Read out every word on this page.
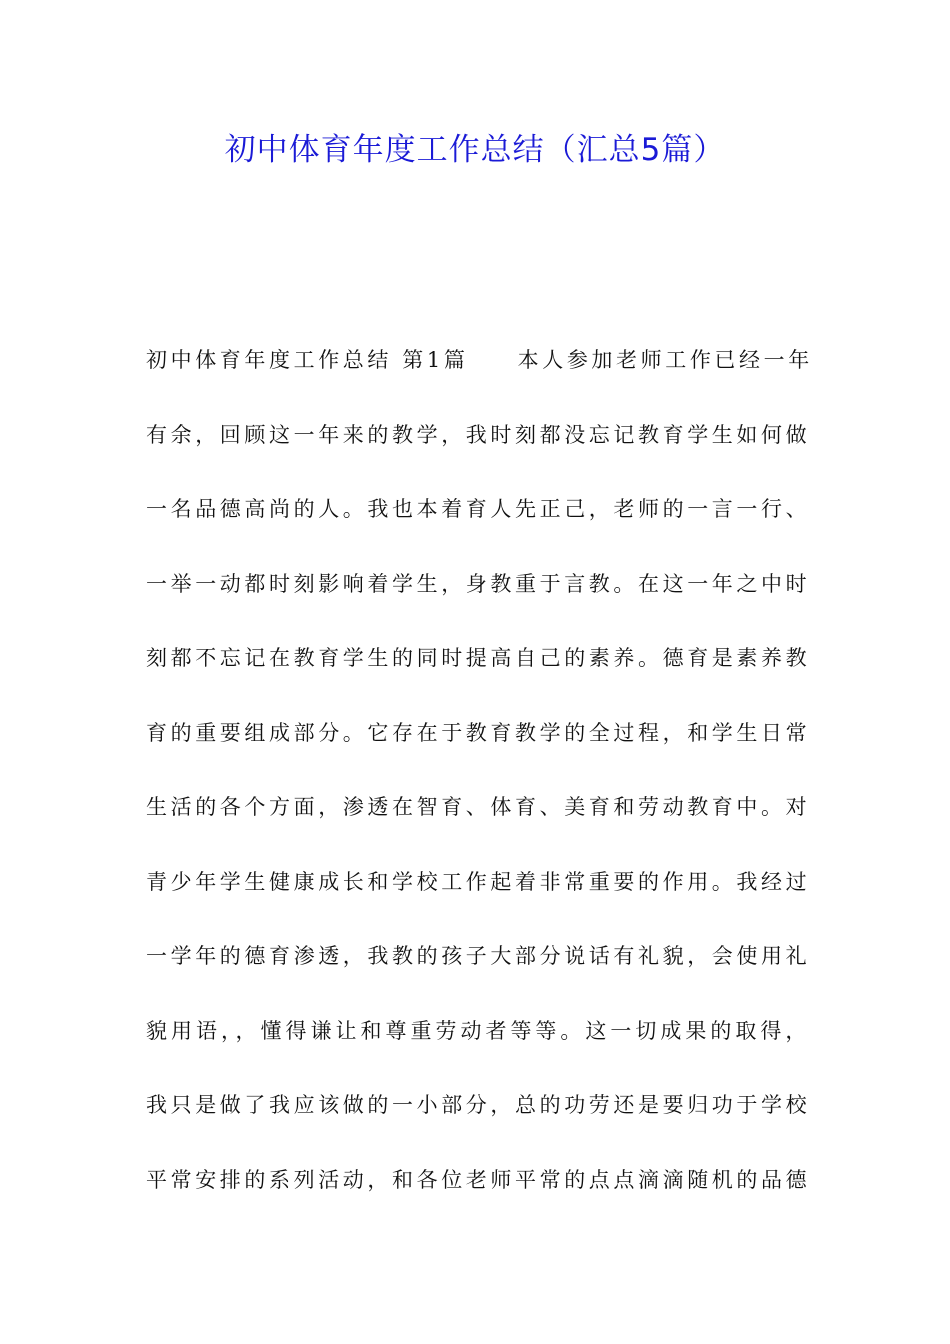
初中体育年度工作总结（汇总5篇）
初中体育年度工作总结 第1篇　　本人参加老师工作已经一年
有余，回顾这一年来的教学，我时刻都没忘记教育学生如何做
一名品德高尚的人。我也本着育人先正己，老师的一言一行、
一举一动都时刻影响着学生，身教重于言教。在这一年之中时
刻都不忘记在教育学生的同时提高自己的素养。德育是素养教
育的重要组成部分。它存在于教育教学的全过程，和学生日常
生活的各个方面，渗透在智育、体育、美育和劳动教育中。对
青少年学生健康成长和学校工作起着非常重要的作用。我经过
一学年的德育渗透，我教的孩子大部分说话有礼貌，会使用礼
貌用语，，懂得谦让和尊重劳动者等等。这一切成果的取得，
我只是做了我应该做的一小部分，总的功劳还是要归功于学校
平常安排的系列活动，和各位老师平常的点点滴滴随机的品德
